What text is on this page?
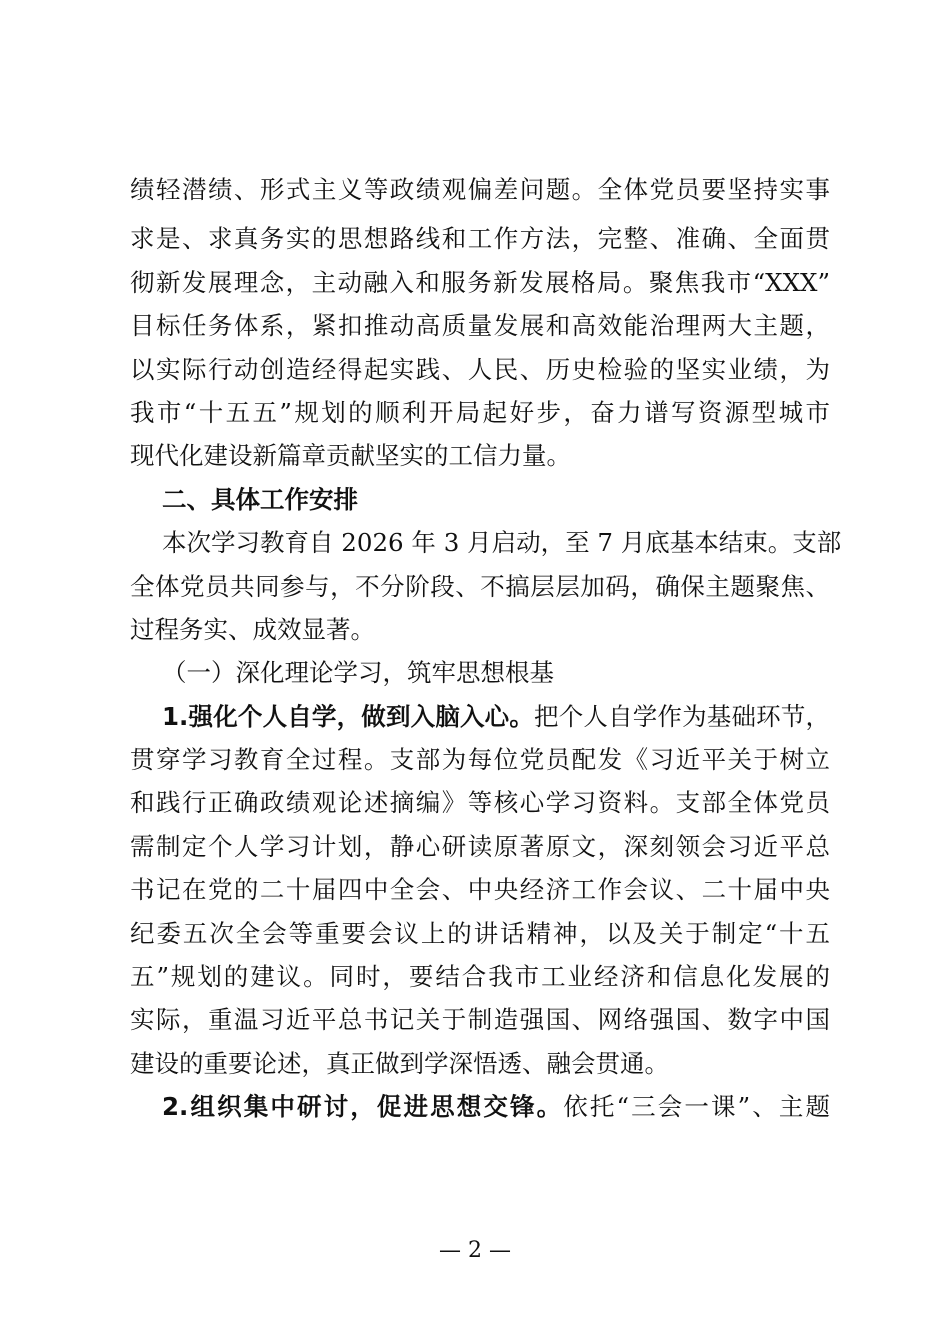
绩轻潜绩、形式主义等政绩观偏差问题。全体党员要坚持实事
求是、求真务实的思想路线和工作方法，完整、准确、全面贯
彻新发展理念，主动融入和服务新发展格局。聚焦我市“XXX”
目标任务体系，紧扣推动高质量发展和高效能治理两大主题，
以实际行动创造经得起实践、人民、历史检验的坚实业绩，为
我市“十五五”规划的顺利开局起好步，奋力谱写资源型城市
现代化建设新篇章贡献坚实的工信力量。
二、具体工作安排
本次学习教育自 2026 年 3 月启动，至 7 月底基本结束。支部
全体党员共同参与，不分阶段、不搞层层加码，确保主题聚焦、
过程务实、成效显著。
（一）深化理论学习，筑牢思想根基
1.强化个人自学，做到入脑入心。把个人自学作为基础环节，
贯穿学习教育全过程。支部为每位党员配发《习近平关于树立
和践行正确政绩观论述摘编》等核心学习资料。支部全体党员
需制定个人学习计划，静心研读原著原文，深刻领会习近平总
书记在党的二十届四中全会、中央经济工作会议、二十届中央
纪委五次全会等重要会议上的讲话精神，以及关于制定“十五
五”规划的建议。同时，要结合我市工业经济和信息化发展的
实际，重温习近平总书记关于制造强国、网络强国、数字中国
建设的重要论述，真正做到学深悟透、融会贯通。
2.组织集中研讨，促进思想交锋。依托“三会一课”、主题
— 2 —
